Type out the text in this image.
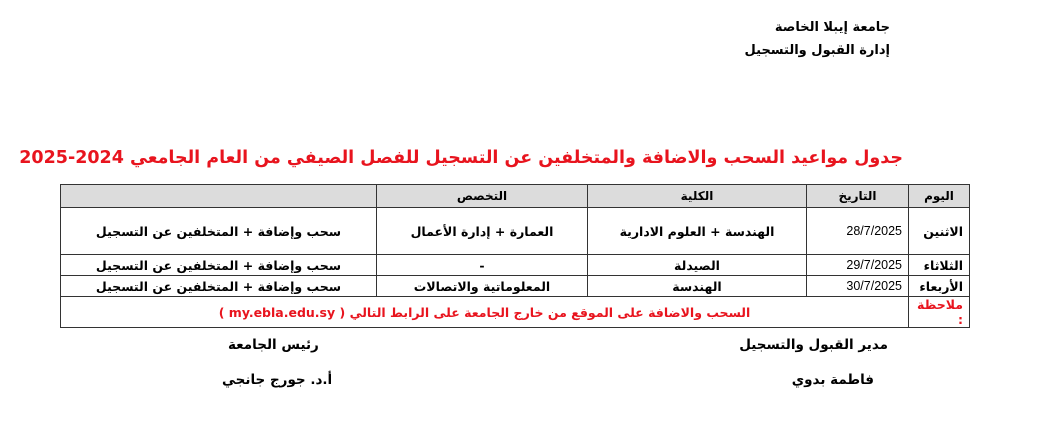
جامعة إيبلا الخاصة
إدارة القبول والتسجيل
جدول مواعيد السحب والاضافة والمتخلفين عن التسجيل للفصل الصيفي من العام الجامعي 2024-2025
اليوم	التاريخ	الكلية	التخصص	
الاثنين	28/7/2025	الهندسة + العلوم الادارية	العمارة + إدارة الأعمال	سحب وإضافة + المتخلفين عن التسجيل
الثلاثاء	29/7/2025	الصيدلة	-	سحب وإضافة + المتخلفين عن التسجيل
الأربعاء	30/7/2025	الهندسة	المعلوماتية والاتصالات	سحب وإضافة + المتخلفين عن التسجيل
ملاحظة :	السحب والاضافة على الموقع من خارج الجامعة على الرابط التالي ( my.ebla.edu.sy )			
مدير القبول والتسجيل
رئيس الجامعة
فاطمة بدوي
أ.د. جورج جانجي
